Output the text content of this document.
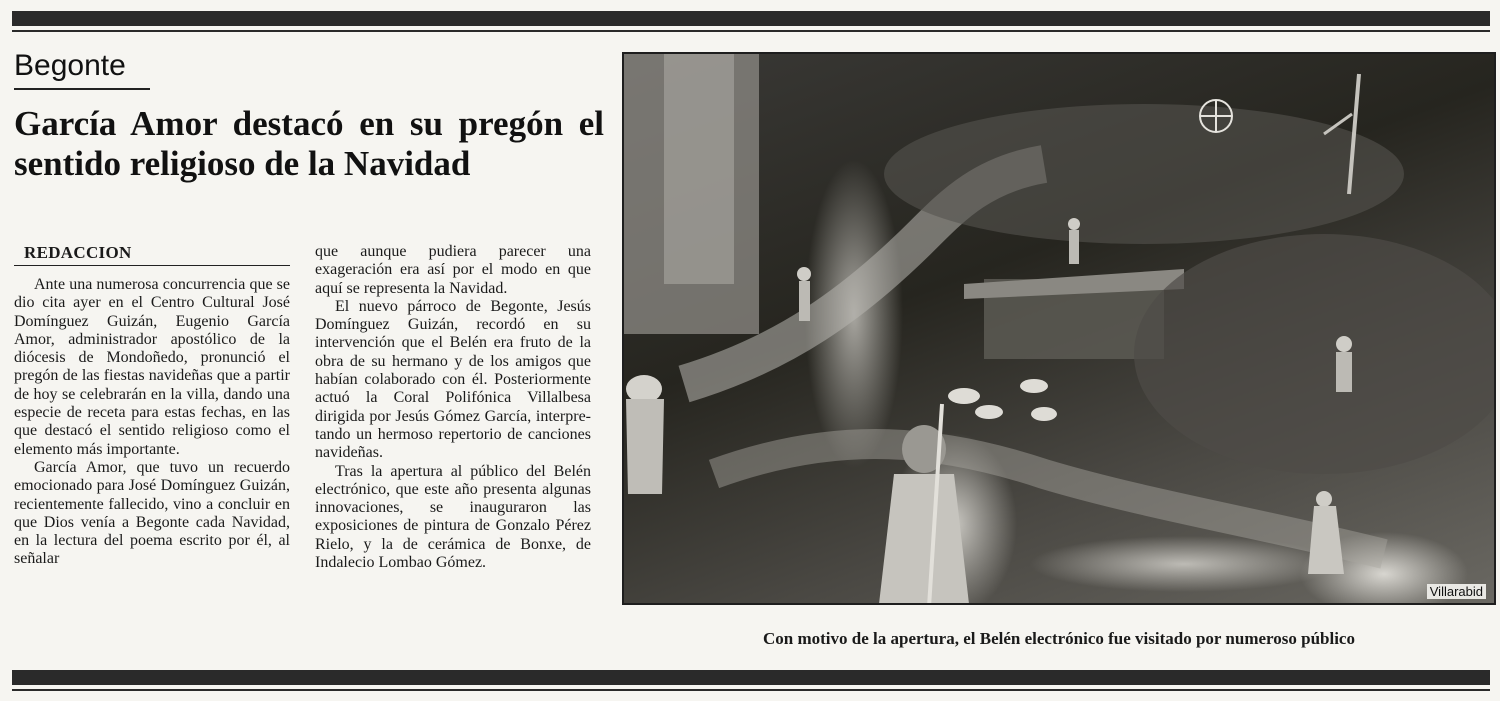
Begonte
García Amor destacó en su pregón el sentido religioso de la Navidad
REDACCION

Ante una numerosa concurrencia que se dio cita ayer en el Centro Cultural José Domínguez Guizán, Eugenio García Amor, administrador apostólico de la diócesis de Mondoñedo, pronunció el pregón de las fiestas navideñas que a partir de hoy se celebrarán en la villa, dando una especie de receta para estas fechas, en las que destacó el sentido religioso como el elemento más importante.

García Amor, que tuvo un recuerdo emocionado para José Domínguez Guizán, recientemente fallecido, vino a concluir en que Dios venía a Begonte cada Navidad, en la lectura del poema escrito por él, al señalar

que aunque pudiera parecer una exageración era así por el modo en que aquí se representa la Navidad.

El nuevo párroco de Begonte, Jesús Domínguez Guizán, recordó en su intervención que el Belén era fruto de la obra de su hermano y de los amigos que habían colaborado con él. Posteriormente actuó la Coral Polifónica Villalbesa dirigida por Jesús Gómez García, interpretando un hermoso repertorio de canciones navideñas.

Tras la apertura al público del Belén electrónico, que este año presenta algunas innovaciones, se inauguraron las exposiciones de pintura de Gonzalo Pérez Rielo, y la de cerámica de Bonxe, de Indalecio Lombao Gómez.

Villarabid
Con motivo de la apertura, el Belén electrónico fue visitado por numeroso público
